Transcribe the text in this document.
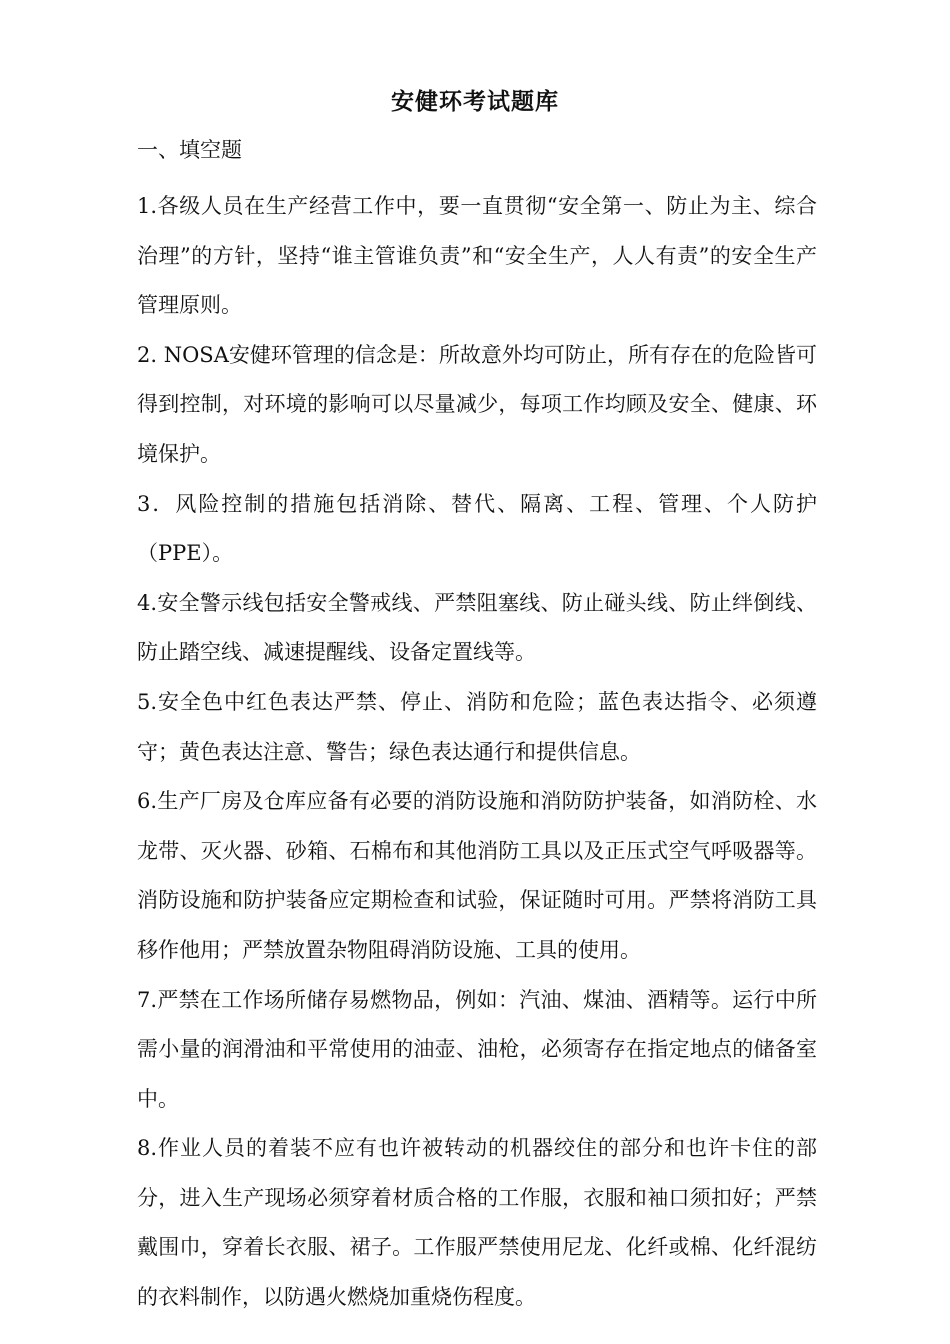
安健环考试题库
一、填空题

1.各级人员在生产经营工作中，要一直贯彻“安全第一、防止为主、综合治理”的方针，坚持“谁主管谁负责”和“安全生产，人人有责”的安全生产管理原则。

2. NOSA安健环管理的信念是：所故意外均可防止，所有存在的危险皆可得到控制，对环境的影响可以尽量减少，每项工作均顾及安全、健康、环境保护。

3．风险控制的措施包括消除、替代、隔离、工程、管理、个人防护（PPE）。

4.安全警示线包括安全警戒线、严禁阻塞线、防止碰头线、防止绊倒线、防止踏空线、减速提醒线、设备定置线等。

5.安全色中红色表达严禁、停止、消防和危险；蓝色表达指令、必须遵守；黄色表达注意、警告；绿色表达通行和提供信息。

6.生产厂房及仓库应备有必要的消防设施和消防防护装备，如消防栓、水龙带、灭火器、砂箱、石棉布和其他消防工具以及正压式空气呼吸器等。消防设施和防护装备应定期检查和试验，保证随时可用。严禁将消防工具移作他用；严禁放置杂物阻碍消防设施、工具的使用。

7.严禁在工作场所储存易燃物品，例如：汽油、煤油、酒精等。运行中所需小量的润滑油和平常使用的油壶、油枪，必须寄存在指定地点的储备室中。

8.作业人员的着装不应有也许被转动的机器绞住的部分和也许卡住的部分，进入生产现场必须穿着材质合格的工作服，衣服和袖口须扣好；严禁戴围巾，穿着长衣服、裙子。工作服严禁使用尼龙、化纤或棉、化纤混纺的衣料制作，以防遇火燃烧加重烧伤程度。
